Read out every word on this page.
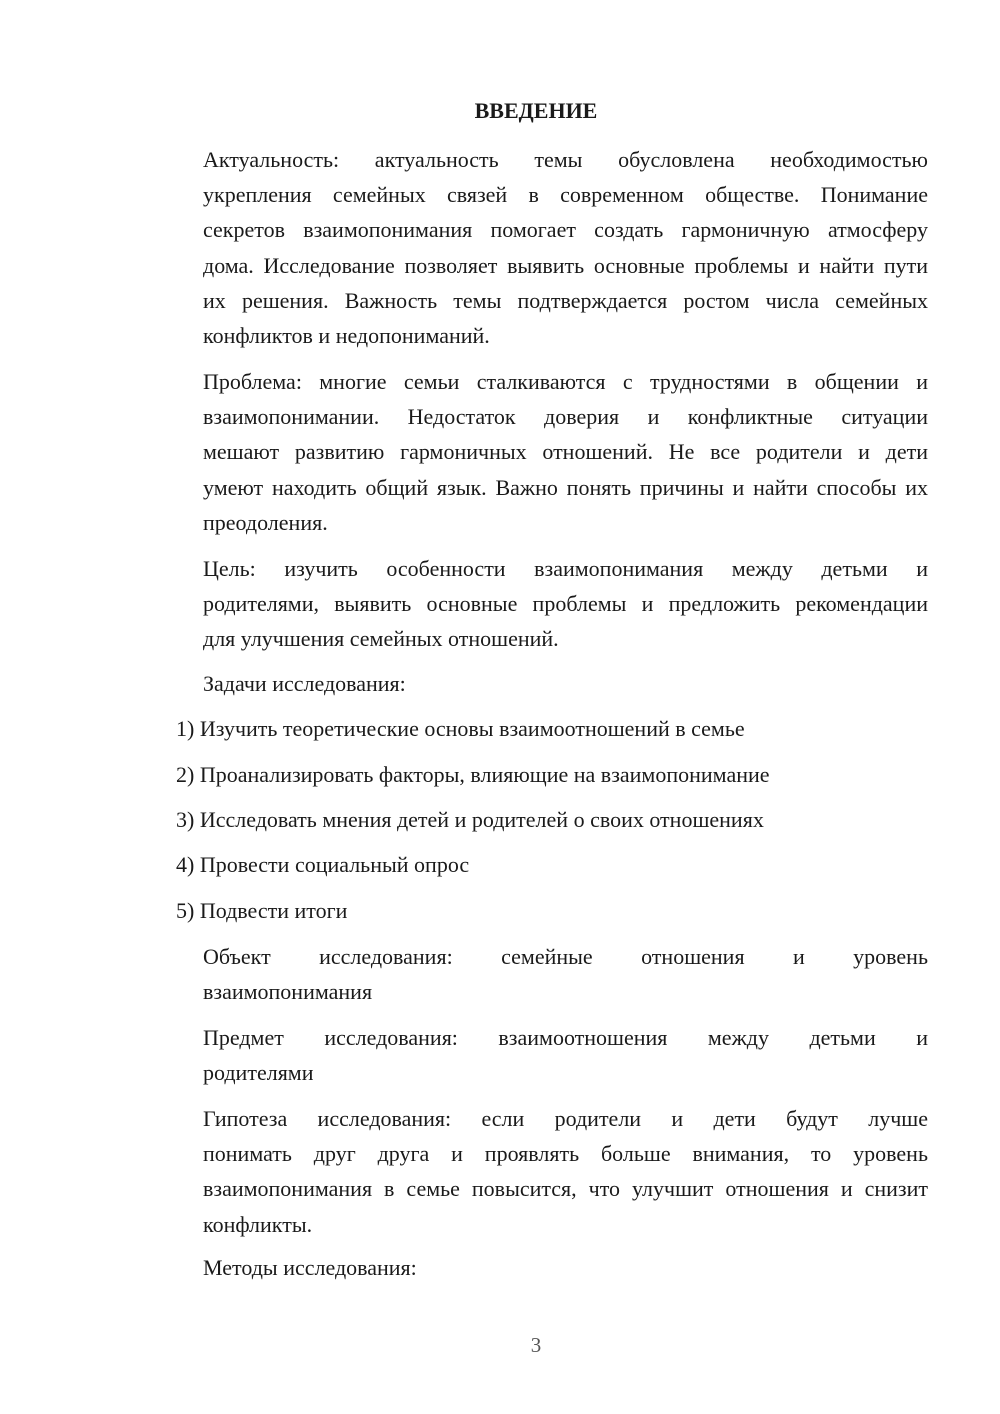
ВВЕДЕНИЕ
Актуальность: актуальность темы обусловлена необходимостью
укрепления семейных связей в современном обществе. Понимание
секретов взаимопонимания помогает создать гармоничную атмосферу
дома. Исследование позволяет выявить основные проблемы и найти пути
их решения. Важность темы подтверждается ростом числа семейных
конфликтов и недопониманий.
Проблема: многие семьи сталкиваются с трудностями в общении и
взаимопонимании. Недостаток доверия и конфликтные ситуации
мешают развитию гармоничных отношений. Не все родители и дети
умеют находить общий язык. Важно понять причины и найти способы их
преодоления.
Цель: изучить особенности взаимопонимания между детьми и
родителями, выявить основные проблемы и предложить рекомендации
для улучшения семейных отношений.

Задачи исследования:

1) Изучить теоретические основы взаимоотношений в семье

2) Проанализировать факторы, влияющие на взаимопонимание

3) Исследовать мнения детей и родителей о своих отношениях

4) Провести социальный опрос

5) Подвести итоги

Объект исследования: семейные отношения и уровень
взаимопонимания
Предмет исследования: взаимоотношения между детьми и
родителями
Гипотеза исследования: если родители и дети будут лучше
понимать друг друга и проявлять больше внимания, то уровень
взаимопонимания в семье повысится, что улучшит отношения и снизит
конфликты.

Методы исследования:

3
